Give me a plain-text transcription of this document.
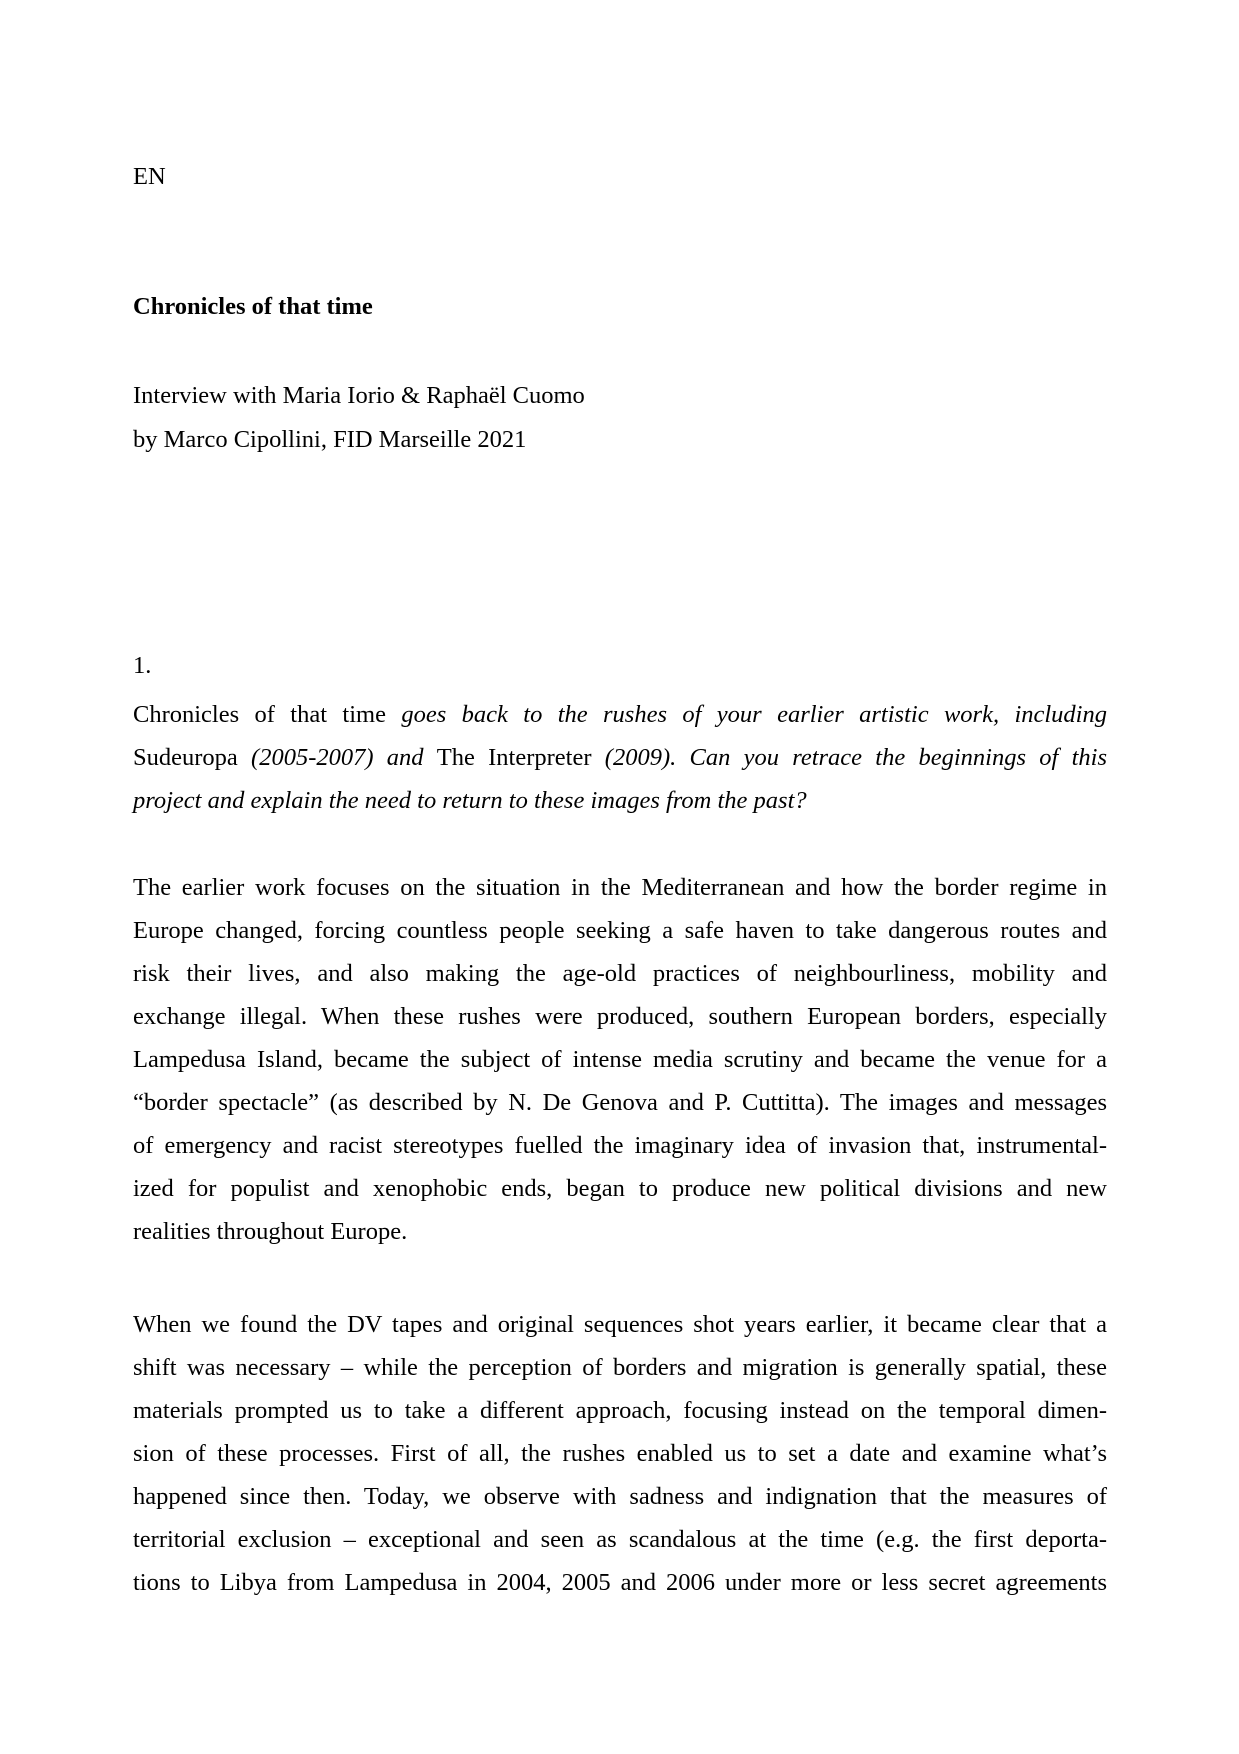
EN
Chronicles of that time
Interview with Maria Iorio & Raphaël Cuomo
by Marco Cipollini, FID Marseille 2021
1.
Chronicles of that time goes back to the rushes of your earlier artistic work, including
Sudeuropa (2005-2007) and The Interpreter (2009). Can you retrace the beginnings of this
project and explain the need to return to these images from the past?
The earlier work focuses on the situation in the Mediterranean and how the border regime in
Europe changed, forcing countless people seeking a safe haven to take dangerous routes and
risk their lives, and also making the age-old practices of neighbourliness, mobility and
exchange illegal. When these rushes were produced, southern European borders, especially
Lampedusa Island, became the subject of intense media scrutiny and became the venue for a
“border spectacle” (as described by N. De Genova and P. Cuttitta). The images and messages
of emergency and racist stereotypes fuelled the imaginary idea of invasion that, instrumental-
ized for populist and xenophobic ends, began to produce new political divisions and new
realities throughout Europe.
When we found the DV tapes and original sequences shot years earlier, it became clear that a
shift was necessary – while the perception of borders and migration is generally spatial, these
materials prompted us to take a different approach, focusing instead on the temporal dimen-
sion of these processes. First of all, the rushes enabled us to set a date and examine what’s
happened since then. Today, we observe with sadness and indignation that the measures of
territorial exclusion – exceptional and seen as scandalous at the time (e.g. the first deporta-
tions to Libya from Lampedusa in 2004, 2005 and 2006 under more or less secret agreements
